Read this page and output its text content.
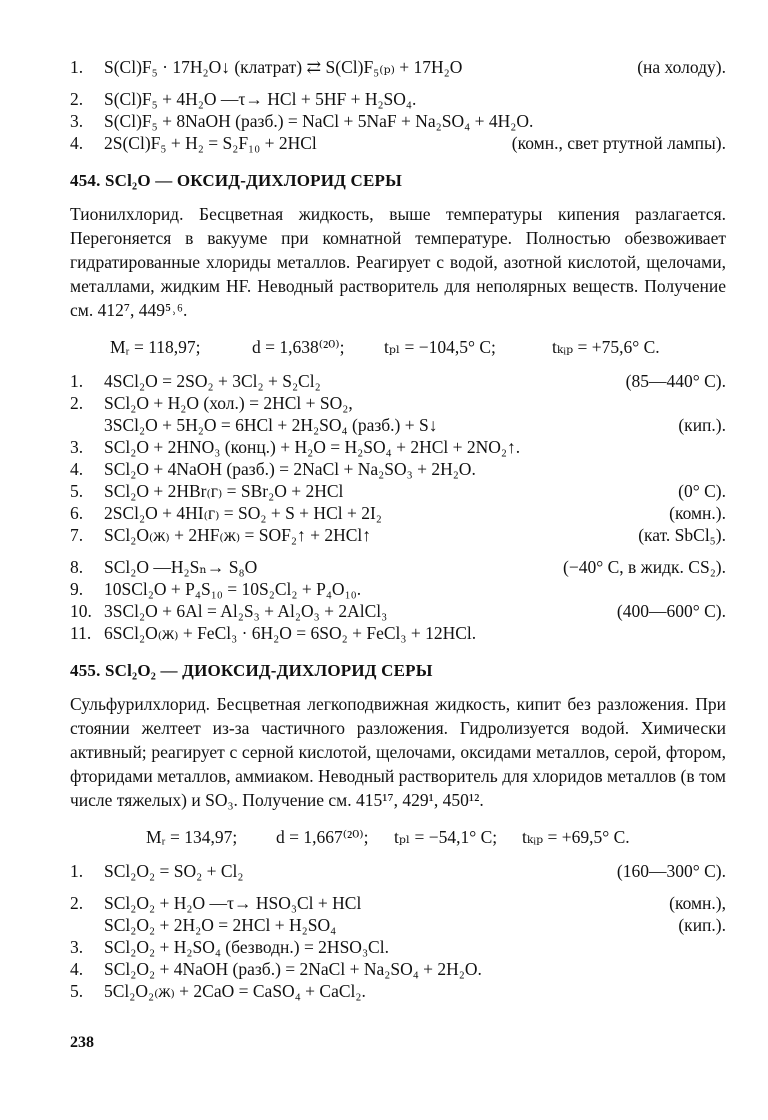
1.	S(Cl)F₅ · 17H₂O↓ (клатрат) ⇄ S(Cl)F₅₍ₚ₎ + 17H₂O	(на холоду).
2.	S(Cl)F₅ + 4H₂O —τ→ HCl + 5HF + H₂SO₄.
3.	S(Cl)F₅ + 8NaOH (разб.) = NaCl + 5NaF + Na₂SO₄ + 4H₂O.
4.	2S(Cl)F₅ + H₂ = S₂F₁₀ + 2HCl	(комн., свет ртутной лампы).
454. SCl₂O — ОКСИД-ДИХЛОРИД СЕРЫ

Тионилхлорид. Бесцветная жидкость, выше температуры кипения разлагается. Перегоняется в вакууме при комнатной температуре. Полностью обезвоживает гидратированные хлориды металлов. Реагирует с водой, азотной кислотой, щелочами, металлами, жидким HF. Неводный растворитель для неполярных веществ. Получение см. 412⁷, 449⁵˒⁶.

Mᵣ = 118,97;	d = 1,638⁽²⁰⁾; tₚₗ = −104,5° C;	tₖᵢₚ = +75,6° C.
1.	4SCl₂O = 2SO₂ + 3Cl₂ + S₂Cl₂	(85—440° C).
2.	SCl₂O + H₂O (хол.) = 2HCl + SO₂,
3SCl₂O + 5H₂O = 6HCl + 2H₂SO₄ (разб.) + S↓	(кип.).
3.	SCl₂O + 2HNO₃ (конц.) + H₂O = H₂SO₄ + 2HCl + 2NO₂↑.
4.	SCl₂O + 4NaOH (разб.) = 2NaCl + Na₂SO₃ + 2H₂O.
5.	SCl₂O + 2HBr₍г₎ = SBr₂O + 2HCl	(0° C).
6.	2SCl₂O + 4HI₍г₎ = SO₂ + S + HCl + 2I₂	(комн.).
7.	SCl₂O₍ж₎ + 2HF₍ж₎ = SOF₂↑ + 2HCl↑	(кат. SbCl₅).
8.	SCl₂O —H₂Sₙ→ S₈O	(−40° C, в жидк. CS₂).
9.	10SCl₂O + P₄S₁₀ = 10S₂Cl₂ + P₄O₁₀.
10. 3SCl₂O + 6Al = Al₂S₃ + Al₂O₃ + 2AlCl₃	(400—600° C).
11. 6SCl₂O₍ж₎ + FeCl₃ · 6H₂O = 6SO₂ + FeCl₃ + 12HCl.
455. SCl₂O₂ — ДИОКСИД-ДИХЛОРИД СЕРЫ

Сульфурилхлорид. Бесцветная легкоподвижная жидкость, кипит без разложения. При стоянии желтеет из-за частичного разложения. Гидролизуется водой. Химически активный; реагирует с серной кислотой, щелочами, оксидами металлов, серой, фтором, фторидами металлов, аммиаком. Неводный растворитель для хлоридов металлов (в том числе тяжелых) и SO₃. Получение см. 415¹⁷, 429¹, 450¹².

Mᵣ = 134,97; d = 1,667⁽²⁰⁾; tₚₗ = −54,1° C; tₖᵢₚ = +69,5° C.
1.	SCl₂O₂ = SO₂ + Cl₂	(160—300° C).
2.	SCl₂O₂ + H₂O —τ→ HSO₃Cl + HCl	(комн.),
SCl₂O₂ + 2H₂O = 2HCl + H₂SO₄	(кип.).
3.	SCl₂O₂ + H₂SO₄ (безводн.) = 2HSO₃Cl.
4.	SCl₂O₂ + 4NaOH (разб.) = 2NaCl + Na₂SO₄ + 2H₂O.
5.	5Cl₂O₂₍ж₎ + 2CaO = CaSO₄ + CaCl₂.
238
